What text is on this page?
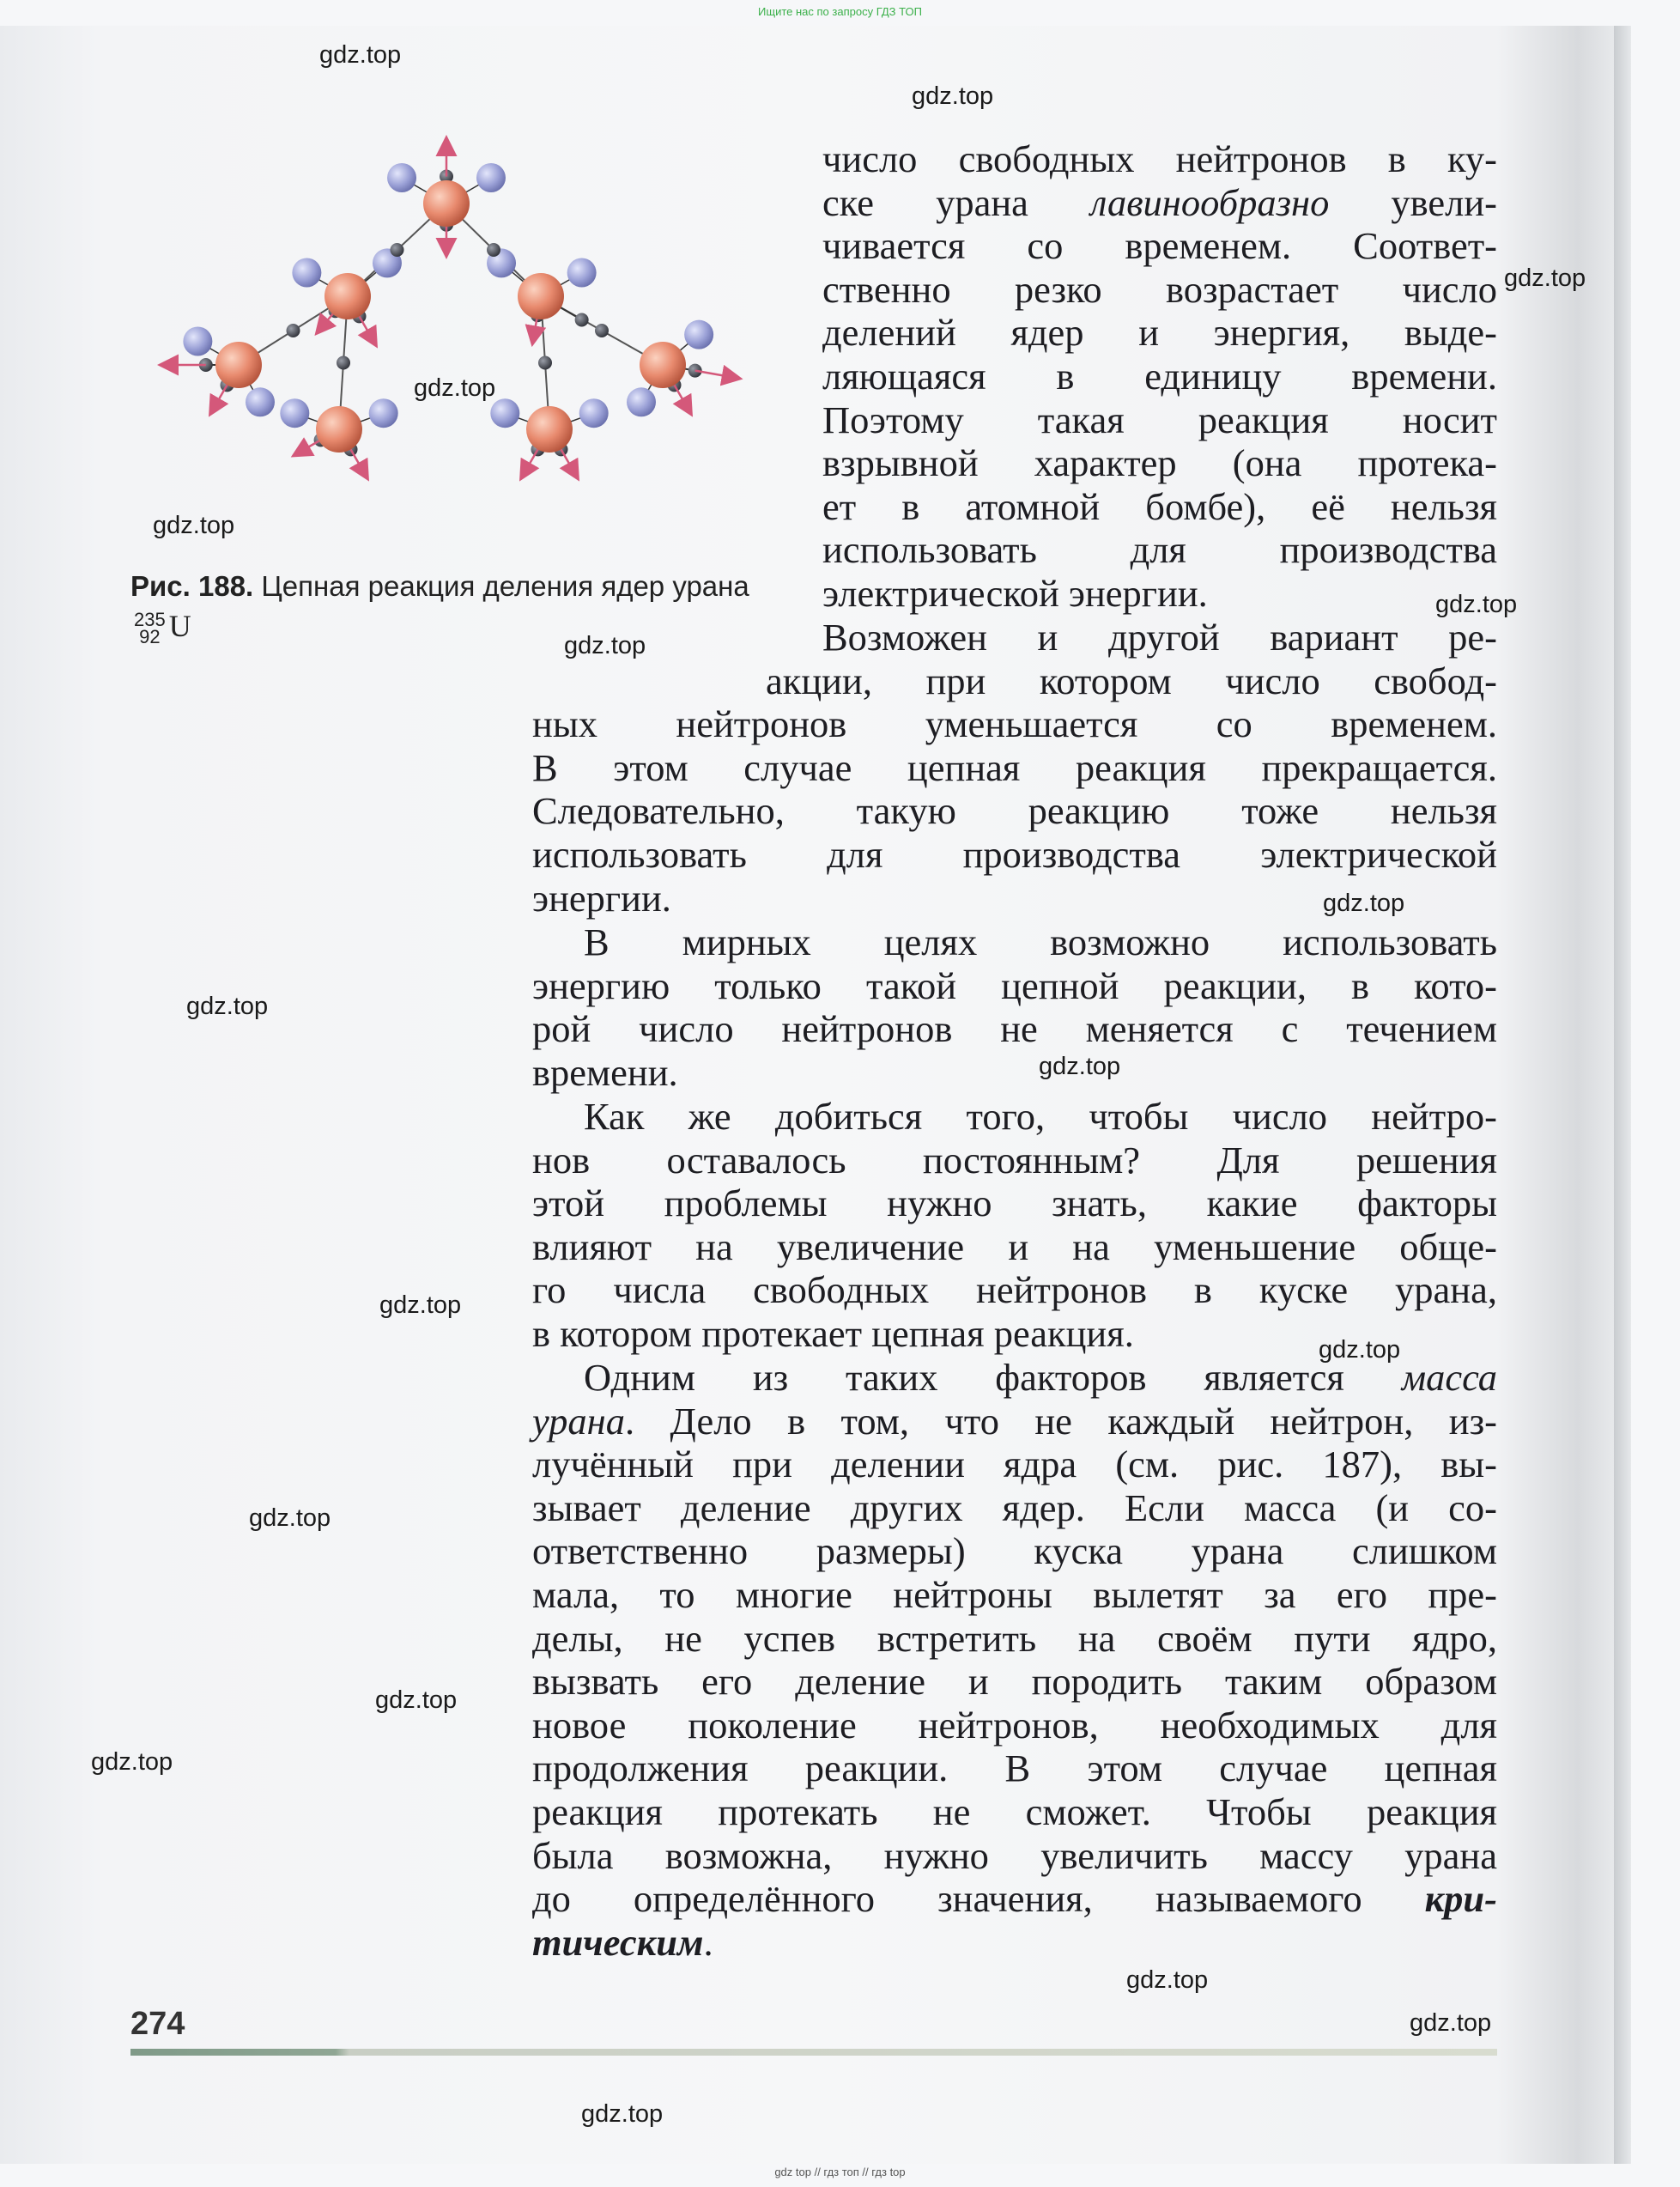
Ищите нас по запросу ГДЗ ТОП
gdz top // гдз топ // гдз top
Рис. 188. Цепная реакция деления ядер урана
235
92 U
число свободных нейтронов в ку-
ске урана лавинообразно увели-
чивается со временем. Соответ-
ственно резко возрастает число
делений ядер и энергия, выде-
ляющаяся в единицу времени.
Поэтому такая реакция носит
взрывной характер (она протека-
ет в атомной бомбе), её нельзя
использовать для производства
электрической энергии.
Возможен и другой вариант ре-
акции, при котором число свобод-
ных нейтронов уменьшается со временем.
В этом случае цепная реакция прекращается.
Следовательно, такую реакцию тоже нельзя
использовать для производства электрической
энергии.
В мирных целях возможно использовать
энергию только такой цепной реакции, в кото-
рой число нейтронов не меняется с течением
времени.
Как же добиться того, чтобы число нейтро-
нов оставалось постоянным? Для решения
этой проблемы нужно знать, какие факторы
влияют на увеличение и на уменьшение обще-
го числа свободных нейтронов в куске урана,
в котором протекает цепная реакция.
Одним из таких факторов является масса
урана. Дело в том, что не каждый нейтрон, из-
лучённый при делении ядра (см. рис. 187), вы-
зывает деление других ядер. Если масса (и со-
ответственно размеры) куска урана слишком
мала, то многие нейтроны вылетят за его пре-
делы, не успев встретить на своём пути ядро,
вызвать его деление и породить таким образом
новое поколение нейтронов, необходимых для
продолжения реакции. В этом случае цепная
реакция протекать не сможет. Чтобы реакция
была возможна, нужно увеличить массу урана
до определённого значения, называемого кри-
тическим.
274
gdz.top
gdz.top
gdz.top
gdz.top
gdz.top
gdz.top
gdz.top
gdz.top
gdz.top
gdz.top
gdz.top
gdz.top
gdz.top
gdz.top
gdz.top
gdz.top
gdz.top
gdz.top
